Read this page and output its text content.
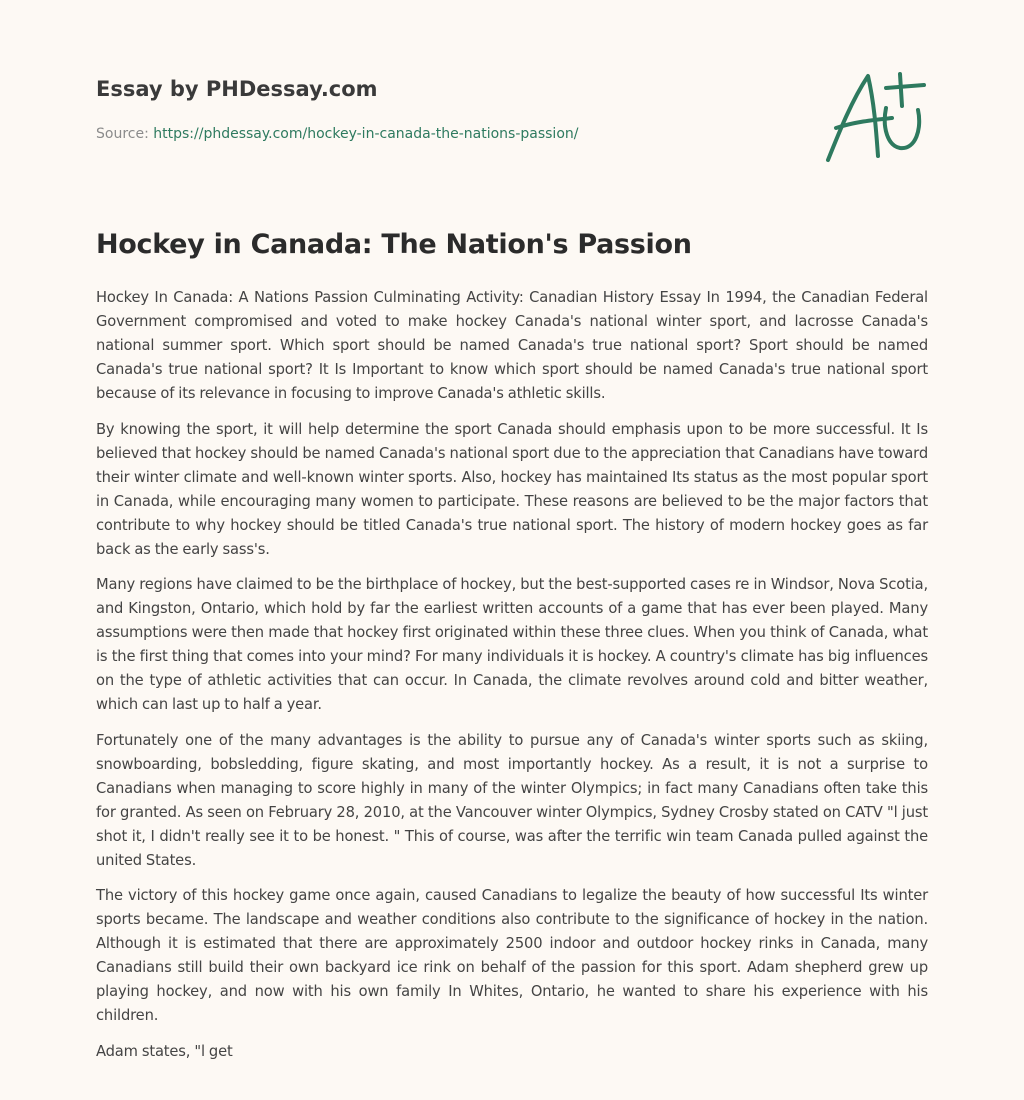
Essay by PHDessay.com
Source: https://phdessay.com/hockey-in-canada-the-nations-passion/
Hockey in Canada: The Nation's Passion

Hockey In Canada: A Nations Passion Culminating Activity: Canadian History Essay In 1994, the Canadian Federal Government compromised and voted to make hockey Canada's national winter sport, and lacrosse Canada's national summer sport. Which sport should be named Canada's true national sport? Sport should be named Canada's true national sport? It Is Important to know which sport should be named Canada's true national sport because of its relevance in focusing to improve Canada's athletic skills.

By knowing the sport, it will help determine the sport Canada should emphasis upon to be more successful. It Is believed that hockey should be named Canada's national sport due to the appreciation that Canadians have toward their winter climate and well-known winter sports. Also, hockey has maintained Its status as the most popular sport in Canada, while encouraging many women to participate. These reasons are believed to be the major factors that contribute to why hockey should be titled Canada's true national sport. The history of modern hockey goes as far back as the early sass's.

Many regions have claimed to be the birthplace of hockey, but the best-supported cases re in Windsor, Nova Scotia, and Kingston, Ontario, which hold by far the earliest written accounts of a game that has ever been played. Many assumptions were then made that hockey first originated within these three clues. When you think of Canada, what is the first thing that comes into your mind? For many individuals it is hockey. A country's climate has big influences on the type of athletic activities that can occur. In Canada, the climate revolves around cold and bitter weather, which can last up to half a year.

Fortunately one of the many advantages is the ability to pursue any of Canada's winter sports such as skiing, snowboarding, bobsledding, figure skating, and most importantly hockey. As a result, it is not a surprise to Canadians when managing to score highly in many of the winter Olympics; in fact many Canadians often take this for granted. As seen on February 28, 2010, at the Vancouver winter Olympics, Sydney Crosby stated on CATV "l just shot it, I didn't really see it to be honest. " This of course, was after the terrific win team Canada pulled against the united States.

The victory of this hockey game once again, caused Canadians to legalize the beauty of how successful Its winter sports became. The landscape and weather conditions also contribute to the significance of hockey in the nation. Although it is estimated that there are approximately 2500 indoor and outdoor hockey rinks in Canada, many Canadians still build their own backyard ice rink on behalf of the passion for this sport. Adam shepherd grew up playing hockey, and now with his own family In Whites, Ontario, he wanted to share his experience with his children.

Adam states, "l get
